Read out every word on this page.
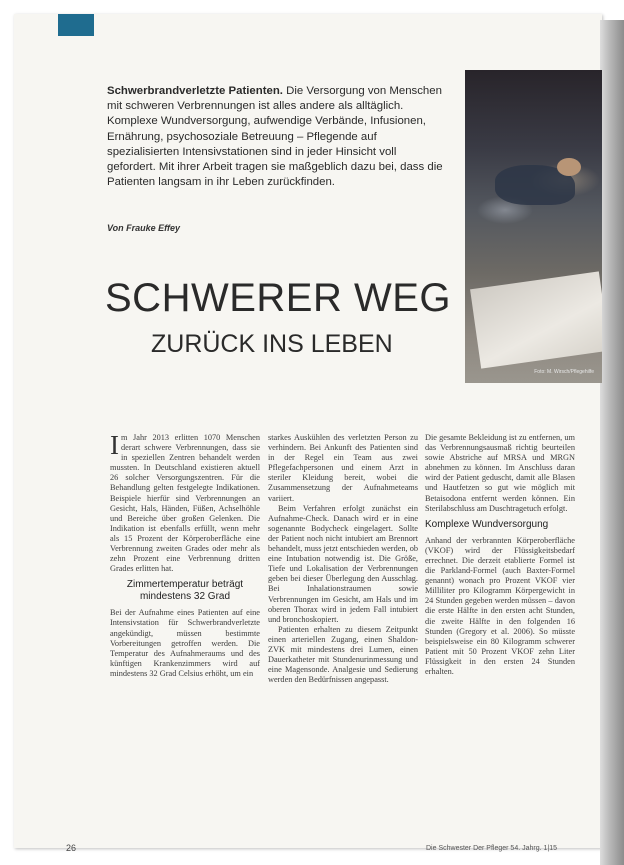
Schwerbrandverletzte Patienten. Die Versorgung von Menschen mit schweren Verbrennungen ist alles andere als alltäglich. Komplexe Wundversorgung, aufwendige Verbände, Infusionen, Ernährung, psychosoziale Betreuung – Pflegende auf spezialisierten Intensivstationen sind in jeder Hinsicht voll gefordert. Mit ihrer Arbeit tragen sie maßgeblich dazu bei, dass die Patienten langsam in ihr Leben zurückfinden.
Von Frauke Effey
Foto: M. Wirsch/Pflegehilfe
SCHWERER WEG
ZURÜCK INS LEBEN

Im Jahr 2013 erlitten 1070 Menschen derart schwere Verbrennungen, dass sie in speziellen Zentren behandelt werden mussten. In Deutschland existieren aktuell 26 solcher Versorgungszentren. Für die Behandlung gelten festgelegte Indikationen. Beispiele hierfür sind Verbrennungen an Gesicht, Hals, Händen, Füßen, Achselhöhle und Bereiche über großen Gelenken. Die Indikation ist ebenfalls erfüllt, wenn mehr als 15 Prozent der Körperoberfläche eine Verbrennung zweiten Grades oder mehr als zehn Prozent eine Verbrennung dritten Grades erlitten hat.

Zimmertemperatur beträgt mindestens 32 Grad

Bei der Aufnahme eines Patienten auf eine Intensivstation für Schwerbrandverletzte angekündigt, müssen bestimmte Vorbereitungen getroffen werden. Die Temperatur des Aufnahmeraums und des künftigen Krankenzimmers wird auf mindestens 32 Grad Celsius erhöht, um ein

starkes Auskühlen des verletzten Person zu verhindern. Bei Ankunft des Patienten sind in der Regel ein Team aus zwei Pflegefachpersonen und einem Arzt in steriler Kleidung bereit, wobei die Zusammensetzung der Aufnahmeteams variiert.

Beim Verfahren erfolgt zunächst ein Aufnahme-Check. Danach wird er in eine sogenannte Bodycheck eingelagert. Sollte der Patient noch nicht intubiert am Brennort behandelt, muss jetzt entschieden werden, ob eine Intubation notwendig ist. Die Größe, Tiefe und Lokalisation der Verbrennungen geben bei dieser Überlegung den Ausschlag. Bei Inhalationstraumen sowie Verbrennungen im Gesicht, am Hals und im oberen Thorax wird in jedem Fall intubiert und bronchoskopiert.

Patienten erhalten zu diesem Zeitpunkt einen arteriellen Zugang, einen Shaldon-ZVK mit mindestens drei Lumen, einen Dauerkatheter mit Stundenurinmessung und eine Magensonde. Analgesie und Sedierung werden den Bedürfnissen angepasst.

Die gesamte Bekleidung ist zu entfernen, um das Verbrennungsausmaß richtig beurteilen sowie Abstriche auf MRSA und MRGN abnehmen zu können. Im Anschluss daran wird der Patient geduscht, damit alle Blasen und Hautfetzen so gut wie möglich mit Betaisodona entfernt werden können. Ein Sterilabschluss am Duschtragetuch erfolgt.

Komplexe Wundversorgung

Anhand der verbrannten Körperoberfläche (VKOF) wird der Flüssigkeitsbedarf errechnet. Die derzeit etablierte Formel ist die Parkland-Formel (auch Baxter-Formel genannt) wonach pro Prozent VKOF vier Milliliter pro Kilogramm Körpergewicht in 24 Stunden gegeben werden müssen – davon die erste Hälfte in den ersten acht Stunden, die zweite Hälfte in den folgenden 16 Stunden (Gregory et al. 2006). So müsste beispielsweise ein 80 Kilogramm schwerer Patient mit 50 Prozent VKOF zehn Liter Flüssigkeit in den ersten 24 Stunden erhalten.

26	Die Schwester Der Pfleger 54. Jahrg. 1|15
